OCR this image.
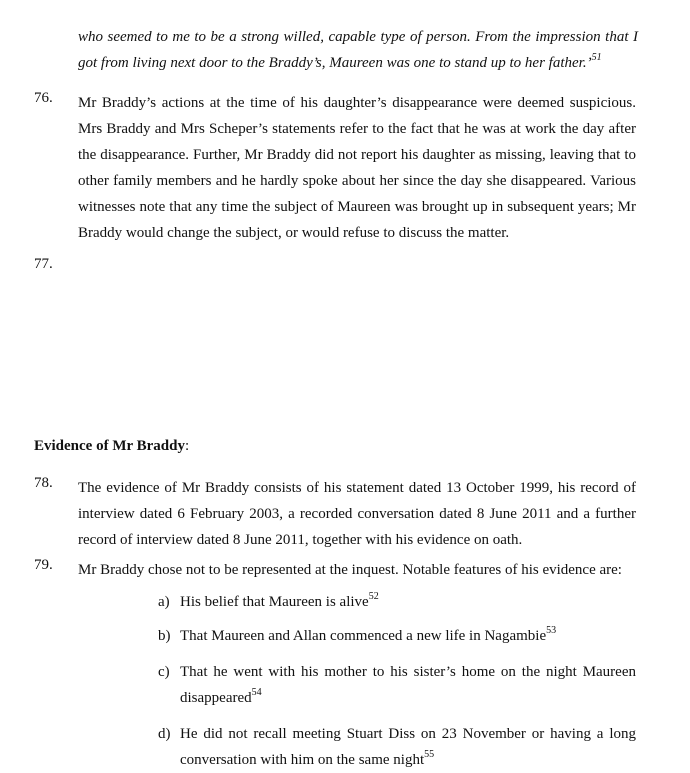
who seemed to me to be a strong willed, capable type of person. From the impression that I
got from living next door to the Braddy’s, Maureen was one to stand up to her father.’$^{51}$
76. Mr Braddy’s actions at the time of his daughter’s disappearance were deemed suspicious. Mrs Braddy and Mrs Scheper’s statements refer to the fact that he was at work the day after the disappearance. Further, Mr Braddy did not report his daughter as missing, leaving that to other family members and he hardly spoke about her since the day she disappeared. Various witnesses note that any time the subject of Maureen was brought up in subsequent years; Mr Braddy would change the subject, or would refuse to discuss the matter.
77.
Evidence of Mr Braddy:
78. The evidence of Mr Braddy consists of his statement dated 13 October 1999, his record of interview dated 6 February 2003, a recorded conversation dated 8 June 2011 and a further record of interview dated 8 June 2011, together with his evidence on oath.
79. Mr Braddy chose not to be represented at the inquest. Notable features of his evidence are:
a) His belief that Maureen is alive$^{52}$
b) That Maureen and Allan commenced a new life in Nagambie$^{53}$
c) That he went with his mother to his sister’s home on the night Maureen disappeared$^{54}$
d) He did not recall meeting Stuart Diss on 23 November or having a long conversation with him on the same night$^{55}$
